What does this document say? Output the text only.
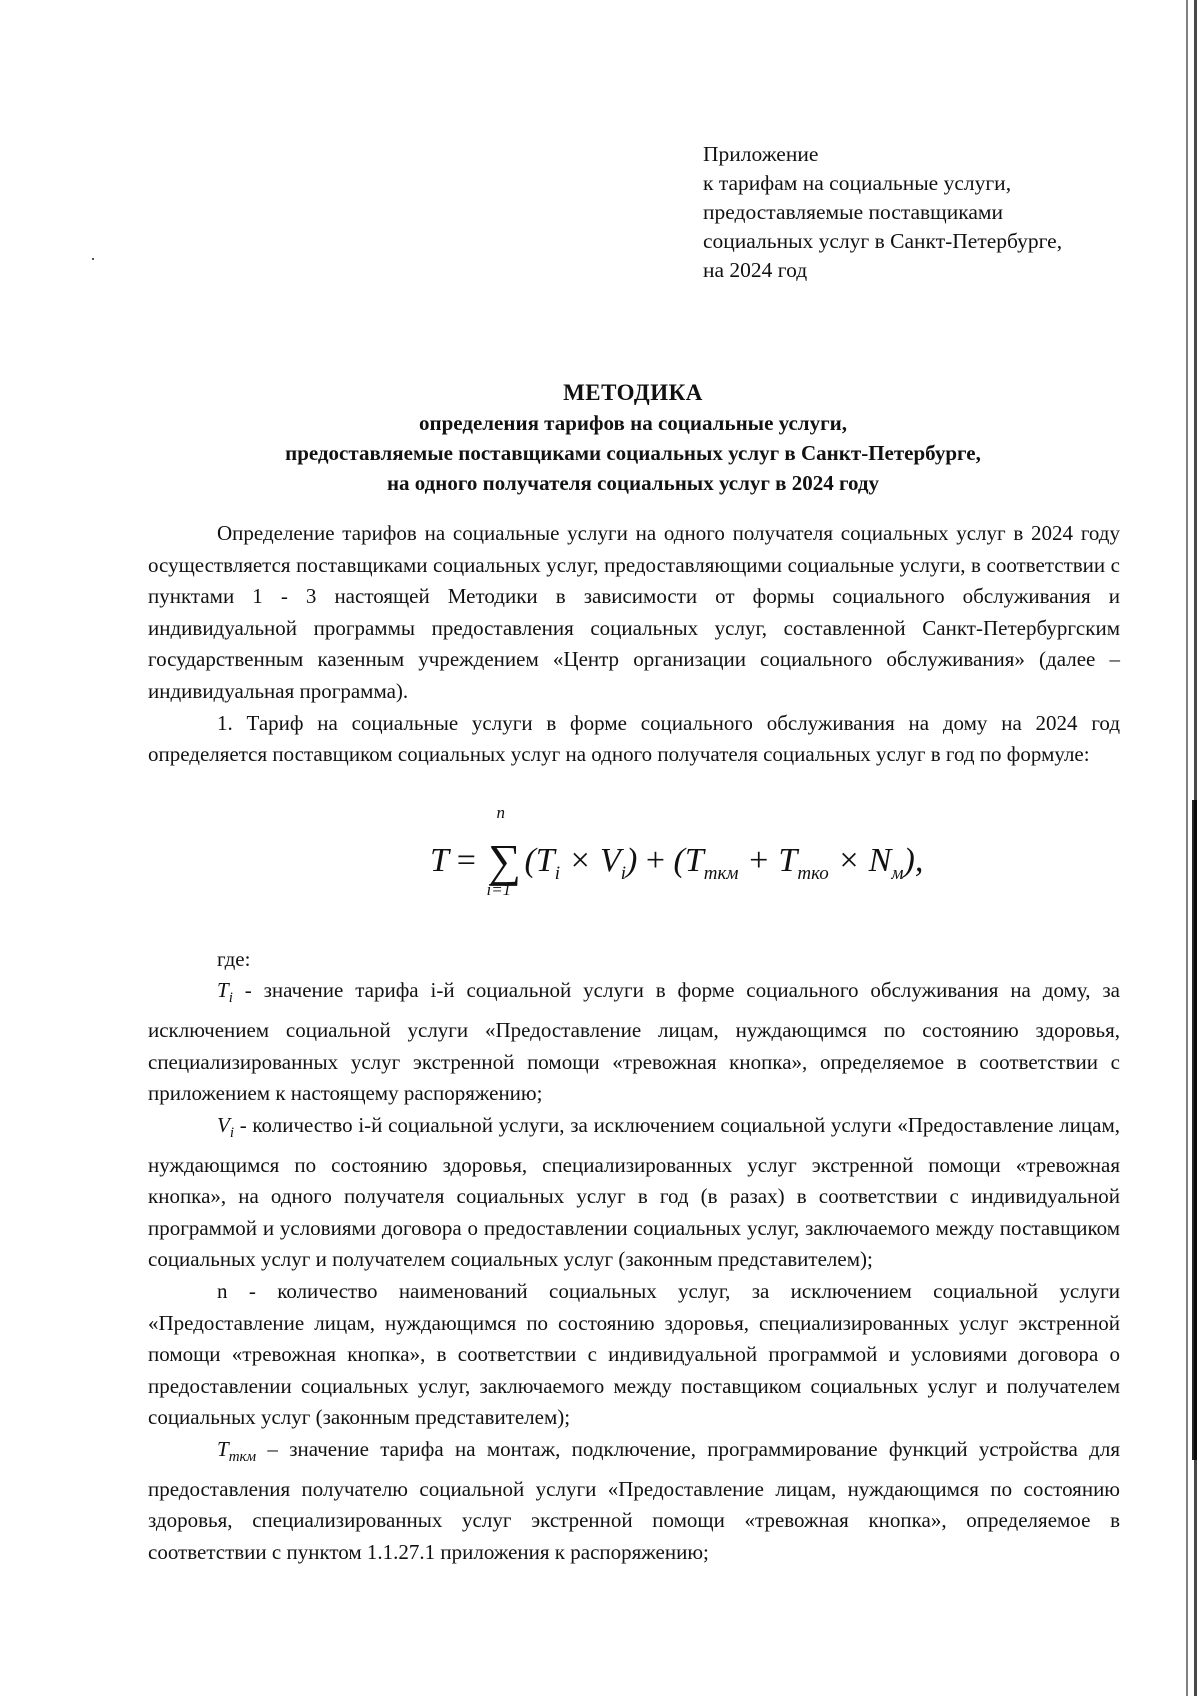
Приложение
к тарифам на социальные услуги,
предоставляемые поставщиками
социальных услуг в Санкт-Петербурге,
на 2024 год
МЕТОДИКА
определения тарифов на социальные услуги,
предоставляемые поставщиками социальных услуг в Санкт-Петербурге,
на одного получателя социальных услуг в 2024 году

Определение тарифов на социальные услуги на одного получателя социальных услуг в 2024 году осуществляется поставщиками социальных услуг, предоставляющими социальные услуги, в соответствии с пунктами 1 - 3 настоящей Методики в зависимости от формы социального обслуживания и индивидуальной программы предоставления социальных услуг, составленной Санкт-Петербургским государственным казенным учреждением «Центр организации социального обслуживания» (далее – индивидуальная программа).

1. Тариф на социальные услуги в форме социального обслуживания на дому на 2024 год определяется поставщиком социальных услуг на одного получателя социальных услуг в год по формуле:

где:

$T_i$ - значение тарифа i-й социальной услуги в форме социального обслуживания на дому, за исключением социальной услуги «Предоставление лицам, нуждающимся по состоянию здоровья, специализированных услуг экстренной помощи «тревожная кнопка», определяемое в соответствии с приложением к настоящему распоряжению;

$V_i$ - количество i-й социальной услуги, за исключением социальной услуги «Предоставление лицам, нуждающимся по состоянию здоровья, специализированных услуг экстренной помощи «тревожная кнопка», на одного получателя социальных услуг в год (в разах) в соответствии с индивидуальной программой и условиями договора о предоставлении социальных услуг, заключаемого между поставщиком социальных услуг и получателем социальных услуг (законным представителем);

n - количество наименований социальных услуг, за исключением социальной услуги «Предоставление лицам, нуждающимся по состоянию здоровья, специализированных услуг экстренной помощи «тревожная кнопка», в соответствии с индивидуальной программой и условиями договора о предоставлении социальных услуг, заключаемого между поставщиком социальных услуг и получателем социальных услуг (законным представителем);

$T_{ткм}$ – значение тарифа на монтаж, подключение, программирование функций устройства для предоставления получателю социальной услуги «Предоставление лицам, нуждающимся по состоянию здоровья, специализированных услуг экстренной помощи «тревожная кнопка», определяемое в соответствии с пунктом 1.1.27.1 приложения к распоряжению;

T =
n
∑
i=1
$(T_i \times V_i) + (T_{ткм} + T_{тко} \times N_м)$,
